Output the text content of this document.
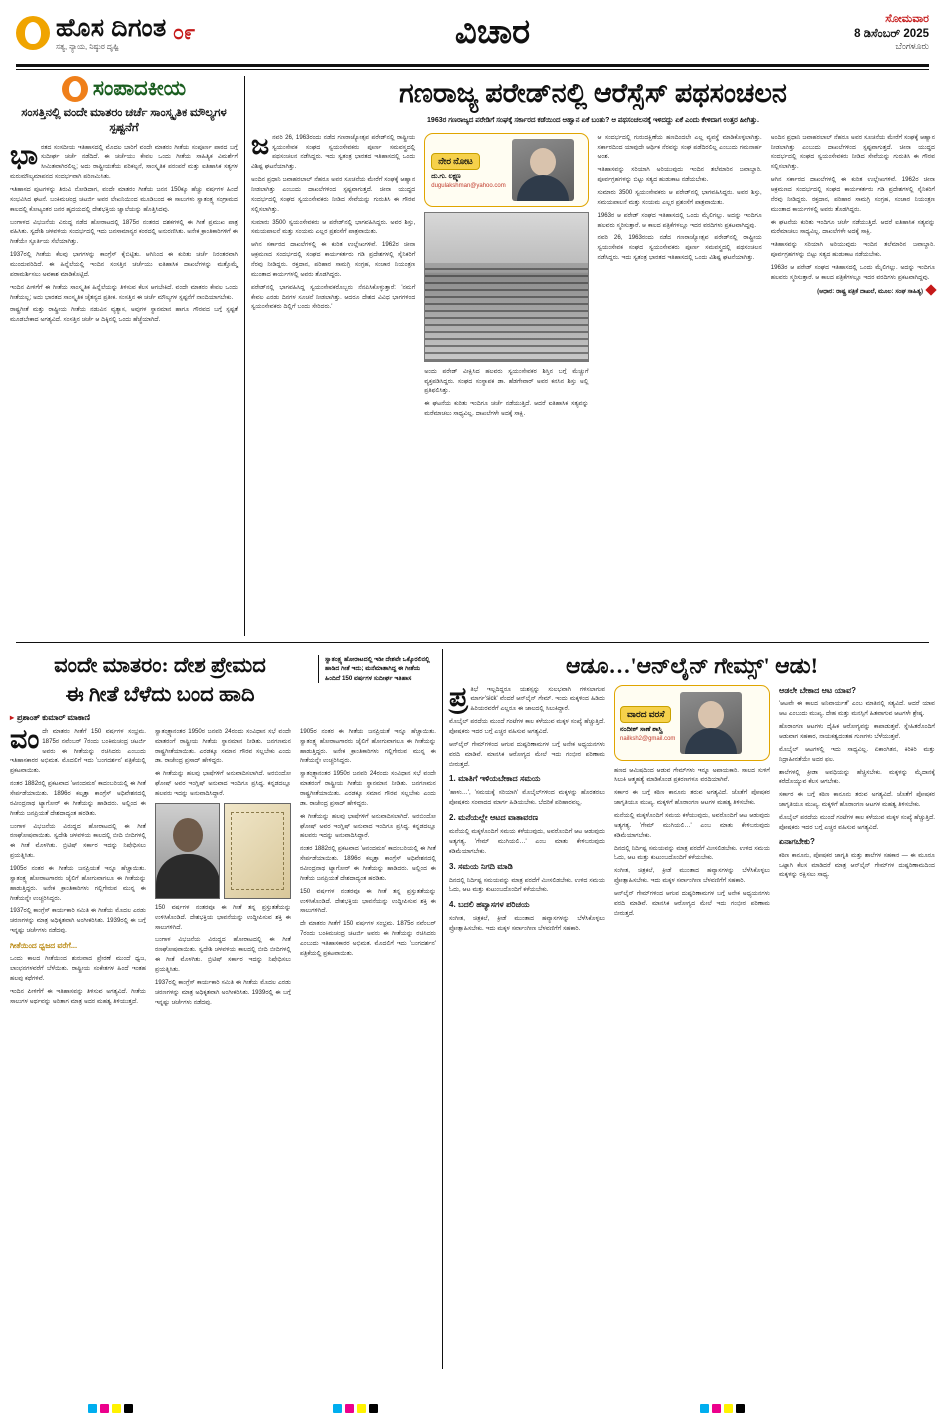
ಹೊಸ ದಿಗಂತ
ಸತ್ಯ, ನ್ಯಾಯ, ನಿಷ್ಠುರ ದೃಷ್ಟಿ
೦೯	ವಿಚಾರ	ಸೋಮವಾರ
8 ಡಿಸೆಂಬರ್ 2025
ಬೆಂಗಳೂರು
ಸಂಪಾದಕೀಯ
ಸಂಸತ್ತಿನಲ್ಲಿ ವಂದೇ ಮಾತರಂ ಚರ್ಚೆ ಸಾಂಸ್ಕೃತಿಕ ಮೌಲ್ಯಗಳ ಸ್ಪಷ್ಟನೆಗೆ

ಭಾರತದ ಸಂಸದೀಯ ಇತಿಹಾಸದಲ್ಲಿ ಮೊದಲ ಬಾರಿಗೆ ವಂದೇ ಮಾತರಂ ಗೀತೆಯ ಸಂಪೂರ್ಣ ಪಾಠದ ಬಗ್ಗೆ ಸುದೀರ್ಘ ಚರ್ಚೆ ನಡೆದಿದೆ. ಈ ಚರ್ಚೆಯು ಕೇವಲ ಒಂದು ಗೀತೆಯ ಸಾಹಿತ್ಯಿಕ ವಿಮರ್ಶೆಗೆ ಸೀಮಿತವಾಗಿರಲಿಲ್ಲ; ಅದು ರಾಷ್ಟ್ರೀಯತೆಯ ಪರಿಕಲ್ಪನೆ, ಸಾಂಸ್ಕೃತಿಕ ಪರಂಪರೆ ಮತ್ತು ಐತಿಹಾಸಿಕ ಸತ್ಯಗಳ ಮರುಮೌಲ್ಯಮಾಪನದ ಸಂದರ್ಭವಾಗಿ ಪರಿಣಮಿಸಿತು.

ಇತಿಹಾಸದ ಪುಟಗಳನ್ನು ತಿರುವಿ ನೋಡಿದಾಗ, ವಂದೇ ಮಾತರಂ ಗೀತೆಯ ಜನನ 150ಕ್ಕೂ ಹೆಚ್ಚು ವರ್ಷಗಳ ಹಿಂದೆ ಸಂಭವಿಸಿದ ಘಟನೆ. ಬಂಕಿಮಚಂದ್ರ ಚಟರ್ಜಿ ಅವರ ಲೇಖನಿಯಿಂದ ಮೂಡಿಬಂದ ಈ ಸಾಲುಗಳು ಸ್ವಾತಂತ್ರ್ಯ ಸಂಗ್ರಾಮದ ಕಾಲದಲ್ಲಿ ಕೋಟ್ಯಂತರ ಜನರ ಹೃದಯದಲ್ಲಿ ದೇಶಭಕ್ತಿಯ ಜ್ವಾಲೆಯನ್ನು ಹೊತ್ತಿಸಿದವು.

ಬಂಗಾಳದ ವಿಭಜನೆಯ ವಿರುದ್ಧ ನಡೆದ ಹೋರಾಟದಲ್ಲಿ 1875ರ ನಂತರದ ದಶಕಗಳಲ್ಲಿ ಈ ಗೀತೆ ಪ್ರಮುಖ ಪಾತ್ರ ವಹಿಸಿತು. ಸ್ವದೇಶಿ ಚಳವಳಿಯ ಸಂದರ್ಭದಲ್ಲಿ ಇದು ಜನಸಾಮಾನ್ಯರ ಕಂಠದಲ್ಲಿ ಅನುರಣಿಸಿತು. ಅನೇಕ ಕ್ರಾಂತಿಕಾರಿಗಳಿಗೆ ಈ ಗೀತೆಯೇ ಸ್ಫೂರ್ತಿಯ ಸೆಲೆಯಾಗಿತ್ತು.

1937ರಲ್ಲಿ ಗೀತೆಯ ಕೆಲವು ಭಾಗಗಳನ್ನು ಕಾಂಗ್ರೆಸ್ ಕೈಬಿಟ್ಟಿತು. ಆಗಿನಿಂದ ಈ ಕುರಿತು ಚರ್ಚೆ ನಿರಂತರವಾಗಿ ಮುಂದುವರಿದಿದೆ. ಈ ಹಿನ್ನೆಲೆಯಲ್ಲಿ ಇಂದಿನ ಸಂಸತ್ತಿನ ಚರ್ಚೆಯು ಐತಿಹಾಸಿಕ ದಾಖಲೆಗಳನ್ನು ಮತ್ತೊಮ್ಮೆ ಪರಾಮರ್ಶಿಸಲು ಅವಕಾಶ ಮಾಡಿಕೊಟ್ಟಿದೆ.

ಇಂದಿನ ಪೀಳಿಗೆಗೆ ಈ ಗೀತೆಯ ಸಾಂಸ್ಕೃತಿಕ ಹಿನ್ನೆಲೆಯನ್ನು ತಿಳಿಸುವ ಕೆಲಸ ಆಗಬೇಕಿದೆ. ವಂದೇ ಮಾತರಂ ಕೇವಲ ಒಂದು ಗೀತೆಯಲ್ಲ; ಅದು ಭಾರತದ ಸಾಂಸ್ಕೃತಿಕ ಚೈತನ್ಯದ ಪ್ರತೀಕ. ಸಂಸತ್ತಿನ ಈ ಚರ್ಚೆ ಮೌಲ್ಯಗಳ ಸ್ಪಷ್ಟನೆಗೆ ನಾಂದಿಯಾಗಬೇಕು.

ರಾಷ್ಟ್ರಗೀತೆ ಮತ್ತು ರಾಷ್ಟ್ರೀಯ ಗೀತೆಯ ನಡುವಿನ ವ್ಯತ್ಯಾಸ, ಅವುಗಳ ಸ್ಥಾನಮಾನ ಹಾಗೂ ಗೌರವದ ಬಗ್ಗೆ ಸ್ಪಷ್ಟತೆ ಮೂಡಬೇಕಾದ ಅಗತ್ಯವಿದೆ. ಸಂಸತ್ತಿನ ಚರ್ಚೆ ಆ ದಿಕ್ಕಿನಲ್ಲಿ ಒಂದು ಹೆಜ್ಜೆಯಾಗಿದೆ.

ಗಣರಾಜ್ಯ ಪರೇಡ್‌ನಲ್ಲಿ ಆರೆಸ್ಸೆಸ್ ಪಥಸಂಚಲನ
1963ರ ಗಣರಾಜ್ಯದ ಪರೇಡಿಗೆ ಸಂಘಕ್ಕೆ ಸರ್ಕಾರದ ಕಡೆಯಿಂದ ಆಹ್ವಾನ ಏಕೆ ಬಂತು? ಆ ಪಥಸಂಚಲನಕ್ಕೆ ಇಳಿದದ್ದು ಏಕೆ ಎಂದು ಕೇಳಿದಾಗ ಉತ್ತರ ಹೀಗಿತ್ತು.

ಜನವರಿ 26, 1963ರಂದು ನಡೆದ ಗಣರಾಜ್ಯೋತ್ಸವ ಪರೇಡ್‌ನಲ್ಲಿ ರಾಷ್ಟ್ರೀಯ ಸ್ವಯಂಸೇವಕ ಸಂಘದ ಸ್ವಯಂಸೇವಕರು ಪೂರ್ಣ ಸಮವಸ್ತ್ರದಲ್ಲಿ ಪಥಸಂಚಲನ ನಡೆಸಿದ್ದರು. ಇದು ಸ್ವತಂತ್ರ ಭಾರತದ ಇತಿಹಾಸದಲ್ಲಿ ಒಂದು ವಿಶಿಷ್ಟ ಘಟನೆಯಾಗಿತ್ತು.

ಅಂದಿನ ಪ್ರಧಾನಿ ಜವಾಹರಲಾಲ್ ನೆಹರೂ ಅವರ ಸೂಚನೆಯ ಮೇರೆಗೆ ಸಂಘಕ್ಕೆ ಆಹ್ವಾನ ನೀಡಲಾಗಿತ್ತು ಎಂಬುದು ದಾಖಲೆಗಳಿಂದ ಸ್ಪಷ್ಟವಾಗುತ್ತದೆ. ಚೀನಾ ಯುದ್ಧದ ಸಂದರ್ಭದಲ್ಲಿ ಸಂಘದ ಸ್ವಯಂಸೇವಕರು ನೀಡಿದ ಸೇವೆಯನ್ನು ಗುರುತಿಸಿ ಈ ಗೌರವ ಸಲ್ಲಿಸಲಾಗಿತ್ತು.

ಸುಮಾರು 3500 ಸ್ವಯಂಸೇವಕರು ಆ ಪರೇಡ್‌ನಲ್ಲಿ ಭಾಗವಹಿಸಿದ್ದರು. ಅವರ ಶಿಸ್ತು, ಸಮಯಪಾಲನೆ ಮತ್ತು ಸಂಯಮ ಎಲ್ಲರ ಪ್ರಶಂಸೆಗೆ ಪಾತ್ರವಾಯಿತು.

ಆಗಿನ ಸರ್ಕಾರದ ದಾಖಲೆಗಳಲ್ಲಿ ಈ ಕುರಿತ ಉಲ್ಲೇಖಗಳಿವೆ. 1962ರ ಚೀನಾ ಆಕ್ರಮಣದ ಸಂದರ್ಭದಲ್ಲಿ ಸಂಘದ ಕಾರ್ಯಕರ್ತರು ಗಡಿ ಪ್ರದೇಶಗಳಲ್ಲಿ ಸೈನಿಕರಿಗೆ ನೆರವು ನೀಡಿದ್ದರು. ರಕ್ತದಾನ, ಪರಿಹಾರ ಸಾಮಗ್ರಿ ಸಂಗ್ರಹ, ಸಂಚಾರ ನಿಯಂತ್ರಣ ಮುಂತಾದ ಕಾರ್ಯಗಳಲ್ಲಿ ಅವರು ತೊಡಗಿದ್ದರು.

ಪರೇಡ್‌ನಲ್ಲಿ ಭಾಗವಹಿಸಿದ್ದ ಸ್ವಯಂಸೇವಕರೊಬ್ಬರು ನೆನಪಿಸಿಕೊಳ್ಳುತ್ತಾರೆ: 'ನಮಗೆ ಕೇವಲ ಎರಡು ದಿನಗಳ ಸೂಚನೆ ನೀಡಲಾಗಿತ್ತು. ಆದರೂ ದೇಶದ ವಿವಿಧ ಭಾಗಗಳಿಂದ ಸ್ವಯಂಸೇವಕರು ದಿಲ್ಲಿಗೆ ಬಂದು ಸೇರಿದರು.'

ನೇರ ನೋಟ
ದು.ಗು. ಲಕ್ಷ್ಮಣ
dugulakshman@yahoo.com

ಅಂದು ಪರೇಡ್ ವೀಕ್ಷಿಸಿದ ಹಲವರು ಸ್ವಯಂಸೇವಕರ ಶಿಸ್ತಿನ ಬಗ್ಗೆ ಮೆಚ್ಚುಗೆ ವ್ಯಕ್ತಪಡಿಸಿದ್ದರು. ಸಂಘದ ಸಂಸ್ಥಾಪಕ ಡಾ. ಹೆಡಗೇವಾರ್ ಅವರ ಕನಸಿನ ಶಿಸ್ತು ಅಲ್ಲಿ ಪ್ರತಿಫಲಿಸಿತ್ತು.

ಈ ಘಟನೆಯ ಕುರಿತು ಇಂದಿಗೂ ಚರ್ಚೆ ನಡೆಯುತ್ತಿದೆ. ಆದರೆ ಐತಿಹಾಸಿಕ ಸತ್ಯವನ್ನು ಮರೆಮಾಚಲು ಸಾಧ್ಯವಿಲ್ಲ. ದಾಖಲೆಗಳೇ ಅದಕ್ಕೆ ಸಾಕ್ಷಿ.

ಆ ಸಂದರ್ಭದಲ್ಲಿ ಗುರುದಕ್ಷಿಣೆಯ ಹಣದಿಂದಲೇ ಎಲ್ಲ ವ್ಯವಸ್ಥೆ ಮಾಡಿಕೊಳ್ಳಲಾಗಿತ್ತು. ಸರ್ಕಾರದಿಂದ ಯಾವುದೇ ಆರ್ಥಿಕ ನೆರವನ್ನು ಸಂಘ ಪಡೆದಿರಲಿಲ್ಲ ಎಂಬುದು ಗಮನಾರ್ಹ ಅಂಶ.

ಇತಿಹಾಸವನ್ನು ಸರಿಯಾಗಿ ಅರಿಯುವುದು ಇಂದಿನ ತಲೆಮಾರಿನ ಜವಾಬ್ದಾರಿ. ಪೂರ್ವಗ್ರಹಗಳನ್ನು ಬಿಟ್ಟು ಸತ್ಯದ ಹುಡುಕಾಟ ನಡೆಯಬೇಕು.

ಸುಮಾರು 3500 ಸ್ವಯಂಸೇವಕರು ಆ ಪರೇಡ್‌ನಲ್ಲಿ ಭಾಗವಹಿಸಿದ್ದರು. ಅವರ ಶಿಸ್ತು, ಸಮಯಪಾಲನೆ ಮತ್ತು ಸಂಯಮ ಎಲ್ಲರ ಪ್ರಶಂಸೆಗೆ ಪಾತ್ರವಾಯಿತು.

1963ರ ಆ ಪರೇಡ್ ಸಂಘದ ಇತಿಹಾಸದಲ್ಲಿ ಒಂದು ಮೈಲಿಗಲ್ಲು. ಅದನ್ನು ಇಂದಿಗೂ ಹಲವರು ಸ್ಮರಿಸುತ್ತಾರೆ. ಆ ಕಾಲದ ಪತ್ರಿಕೆಗಳಲ್ಲೂ ಇದರ ವರದಿಗಳು ಪ್ರಕಟವಾಗಿದ್ದವು.

ನವರಿ 26, 1963ರಂದು ನಡೆದ ಗಣರಾಜ್ಯೋತ್ಸವ ಪರೇಡ್‌ನಲ್ಲಿ ರಾಷ್ಟ್ರೀಯ ಸ್ವಯಂಸೇವಕ ಸಂಘದ ಸ್ವಯಂಸೇವಕರು ಪೂರ್ಣ ಸಮವಸ್ತ್ರದಲ್ಲಿ ಪಥಸಂಚಲನ ನಡೆಸಿದ್ದರು. ಇದು ಸ್ವತಂತ್ರ ಭಾರತದ ಇತಿಹಾಸದಲ್ಲಿ ಒಂದು ವಿಶಿಷ್ಟ ಘಟನೆಯಾಗಿತ್ತು.

ಅಂದಿನ ಪ್ರಧಾನಿ ಜವಾಹರಲಾಲ್ ನೆಹರೂ ಅವರ ಸೂಚನೆಯ ಮೇರೆಗೆ ಸಂಘಕ್ಕೆ ಆಹ್ವಾನ ನೀಡಲಾಗಿತ್ತು ಎಂಬುದು ದಾಖಲೆಗಳಿಂದ ಸ್ಪಷ್ಟವಾಗುತ್ತದೆ. ಚೀನಾ ಯುದ್ಧದ ಸಂದರ್ಭದಲ್ಲಿ ಸಂಘದ ಸ್ವಯಂಸೇವಕರು ನೀಡಿದ ಸೇವೆಯನ್ನು ಗುರುತಿಸಿ ಈ ಗೌರವ ಸಲ್ಲಿಸಲಾಗಿತ್ತು.

ಆಗಿನ ಸರ್ಕಾರದ ದಾಖಲೆಗಳಲ್ಲಿ ಈ ಕುರಿತ ಉಲ್ಲೇಖಗಳಿವೆ. 1962ರ ಚೀನಾ ಆಕ್ರಮಣದ ಸಂದರ್ಭದಲ್ಲಿ ಸಂಘದ ಕಾರ್ಯಕರ್ತರು ಗಡಿ ಪ್ರದೇಶಗಳಲ್ಲಿ ಸೈನಿಕರಿಗೆ ನೆರವು ನೀಡಿದ್ದರು. ರಕ್ತದಾನ, ಪರಿಹಾರ ಸಾಮಗ್ರಿ ಸಂಗ್ರಹ, ಸಂಚಾರ ನಿಯಂತ್ರಣ ಮುಂತಾದ ಕಾರ್ಯಗಳಲ್ಲಿ ಅವರು ತೊಡಗಿದ್ದರು.

ಈ ಘಟನೆಯ ಕುರಿತು ಇಂದಿಗೂ ಚರ್ಚೆ ನಡೆಯುತ್ತಿದೆ. ಆದರೆ ಐತಿಹಾಸಿಕ ಸತ್ಯವನ್ನು ಮರೆಮಾಚಲು ಸಾಧ್ಯವಿಲ್ಲ. ದಾಖಲೆಗಳೇ ಅದಕ್ಕೆ ಸಾಕ್ಷಿ.

ಇತಿಹಾಸವನ್ನು ಸರಿಯಾಗಿ ಅರಿಯುವುದು ಇಂದಿನ ತಲೆಮಾರಿನ ಜವಾಬ್ದಾರಿ. ಪೂರ್ವಗ್ರಹಗಳನ್ನು ಬಿಟ್ಟು ಸತ್ಯದ ಹುಡುಕಾಟ ನಡೆಯಬೇಕು.

1963ರ ಆ ಪರೇಡ್ ಸಂಘದ ಇತಿಹಾಸದಲ್ಲಿ ಒಂದು ಮೈಲಿಗಲ್ಲು. ಅದನ್ನು ಇಂದಿಗೂ ಹಲವರು ಸ್ಮರಿಸುತ್ತಾರೆ. ಆ ಕಾಲದ ಪತ್ರಿಕೆಗಳಲ್ಲೂ ಇದರ ವರದಿಗಳು ಪ್ರಕಟವಾಗಿದ್ದವು.

(ಆಧಾರ: ರಾಷ್ಟ್ರ ಪತ್ರಿಕೆ ದಾಖಲೆ, ಮೂಲ: ಸಂಘ ಸಾಹಿತ್ಯ)
ವಂದೇ ಮಾತರಂ: ದೇಶ ಪ್ರೇಮದ
ಈ ಗೀತೆ ಬೆಳೆದು ಬಂದ ಹಾದಿ
ಸ್ವಾತಂತ್ರ್ಯ ಹೋರಾಟದಲ್ಲಿ ಇಡೀ ದೇಶವೇ ಒಕ್ಕೊರಲಿನಲ್ಲಿ ಹಾಡಿದ ಗೀತೆ ಇದು; ಮನೆಮಾತಾಗಿದ್ದ ಈ ಗೀತೆಯ ಹಿಂದಿದೆ 150 ವರ್ಷಗಳ ಸುದೀರ್ಘ ಇತಿಹಾಸ
▸ ಪ್ರಶಾಂತ್ ಕುಮಾರ್ ಮಾಕಾಣಿ

ವಂದೇ ಮಾತರಂ ಗೀತೆಗೆ 150 ವರ್ಷಗಳ ಸಂಭ್ರಮ. 1875ರ ನವೆಂಬರ್ 7ರಂದು ಬಂಕಿಮಚಂದ್ರ ಚಟರ್ಜಿ ಅವರು ಈ ಗೀತೆಯನ್ನು ರಚಿಸಿದರು ಎಂಬುದು ಇತಿಹಾಸಕಾರರ ಅಭಿಮತ. ಮೊದಲಿಗೆ ಇದು 'ಬಂಗದರ್ಶನ' ಪತ್ರಿಕೆಯಲ್ಲಿ ಪ್ರಕಟವಾಯಿತು.

ನಂತರ 1882ರಲ್ಲಿ ಪ್ರಕಟವಾದ 'ಆನಂದಮಠ' ಕಾದಂಬರಿಯಲ್ಲಿ ಈ ಗೀತೆ ಸೇರ್ಪಡೆಯಾಯಿತು. 1896ರ ಕಲ್ಕತ್ತಾ ಕಾಂಗ್ರೆಸ್ ಅಧಿವೇಶನದಲ್ಲಿ ರವೀಂದ್ರನಾಥ ಟ್ಯಾಗೋರ್ ಈ ಗೀತೆಯನ್ನು ಹಾಡಿದರು. ಅಲ್ಲಿಂದ ಈ ಗೀತೆಯ ಜನಪ್ರಿಯತೆ ದೇಶದಾದ್ಯಂತ ಹರಡಿತು.

ಬಂಗಾಳ ವಿಭಜನೆಯ ವಿರುದ್ಧದ ಹೋರಾಟದಲ್ಲಿ ಈ ಗೀತೆ ರಣಘೋಷವಾಯಿತು. ಸ್ವದೇಶಿ ಚಳವಳಿಯ ಕಾಲದಲ್ಲಿ ಬೀದಿ ಬೀದಿಗಳಲ್ಲಿ ಈ ಗೀತೆ ಮೊಳಗಿತು. ಬ್ರಿಟಿಷ್ ಸರ್ಕಾರ ಇದನ್ನು ನಿಷೇಧಿಸಲು ಪ್ರಯತ್ನಿಸಿತು.

1905ರ ನಂತರ ಈ ಗೀತೆಯ ಜನಪ್ರಿಯತೆ ಇನ್ನೂ ಹೆಚ್ಚಾಯಿತು. ಸ್ವಾತಂತ್ರ್ಯ ಹೋರಾಟಗಾರರು ಜೈಲಿಗೆ ಹೋಗುವಾಗಲೂ ಈ ಗೀತೆಯನ್ನು ಹಾಡುತ್ತಿದ್ದರು. ಅನೇಕ ಕ್ರಾಂತಿಕಾರಿಗಳು ಗಲ್ಲಿಗೇರುವ ಮುನ್ನ ಈ ಗೀತೆಯನ್ನೇ ಉಚ್ಚರಿಸಿದ್ದರು.

1937ರಲ್ಲಿ ಕಾಂಗ್ರೆಸ್ ಕಾರ್ಯಕಾರಿ ಸಮಿತಿ ಈ ಗೀತೆಯ ಮೊದಲ ಎರಡು ಚರಣಗಳನ್ನು ಮಾತ್ರ ಅಧಿಕೃತವಾಗಿ ಅಂಗೀಕರಿಸಿತು. 1939ರಲ್ಲಿ ಈ ಬಗ್ಗೆ ಇನ್ನಷ್ಟು ಚರ್ಚೆಗಳು ನಡೆದವು.

ಗೀತೆಯಿಂದ ಧ್ವಜದ ವರೆಗೆ...

ಒಂದು ಕಾಲದ ಗೀತೆಯಿಂದ ಶುರುವಾದ ಪ್ರೇರಣೆ ಮುಂದೆ ಧ್ವಜ, ಲಾಂಛನಗಳವರೆಗೆ ಬೆಳೆಯಿತು. ರಾಷ್ಟ್ರೀಯ ಸಂಕೇತಗಳ ಹಿಂದೆ ಇಂತಹ ಹಲವು ಕಥೆಗಳಿವೆ.

ಇಂದಿನ ಪೀಳಿಗೆಗೆ ಈ ಇತಿಹಾಸವನ್ನು ತಿಳಿಸುವ ಅಗತ್ಯವಿದೆ. ಗೀತೆಯ ಸಾಲುಗಳ ಅರ್ಥವನ್ನು ಅರಿತಾಗ ಮಾತ್ರ ಅದರ ಮಹತ್ವ ತಿಳಿಯುತ್ತದೆ.

ಸ್ವಾತಂತ್ರ್ಯಾನಂತರ 1950ರ ಜನವರಿ 24ರಂದು ಸಂವಿಧಾನ ಸಭೆ ವಂದೇ ಮಾತರಂಗೆ ರಾಷ್ಟ್ರೀಯ ಗೀತೆಯ ಸ್ಥಾನಮಾನ ನೀಡಿತು. ಜನಗಣಮನ ರಾಷ್ಟ್ರಗೀತೆಯಾಯಿತು. ಎರಡಕ್ಕೂ ಸಮಾನ ಗೌರವ ಸಲ್ಲಬೇಕು ಎಂದು ಡಾ. ರಾಜೇಂದ್ರ ಪ್ರಸಾದ್ ಹೇಳಿದ್ದರು.

ಈ ಗೀತೆಯನ್ನು ಹಲವು ಭಾಷೆಗಳಿಗೆ ಅನುವಾದಿಸಲಾಗಿದೆ. ಅರಬಿಂದೋ ಘೋಷ್ ಅವರ ಇಂಗ್ಲಿಷ್ ಅನುವಾದ ಇಂದಿಗೂ ಪ್ರಸಿದ್ಧ. ಕನ್ನಡದಲ್ಲೂ ಹಲವರು ಇದನ್ನು ಅನುವಾದಿಸಿದ್ದಾರೆ.

150 ವರ್ಷಗಳ ನಂತರವೂ ಈ ಗೀತೆ ತನ್ನ ಪ್ರಸ್ತುತತೆಯನ್ನು ಉಳಿಸಿಕೊಂಡಿದೆ. ದೇಶಭಕ್ತಿಯ ಭಾವನೆಯನ್ನು ಉದ್ದೀಪಿಸುವ ಶಕ್ತಿ ಈ ಸಾಲುಗಳಿಗಿದೆ.

ಬಂಗಾಳ ವಿಭಜನೆಯ ವಿರುದ್ಧದ ಹೋರಾಟದಲ್ಲಿ ಈ ಗೀತೆ ರಣಘೋಷವಾಯಿತು. ಸ್ವದೇಶಿ ಚಳವಳಿಯ ಕಾಲದಲ್ಲಿ ಬೀದಿ ಬೀದಿಗಳಲ್ಲಿ ಈ ಗೀತೆ ಮೊಳಗಿತು. ಬ್ರಿಟಿಷ್ ಸರ್ಕಾರ ಇದನ್ನು ನಿಷೇಧಿಸಲು ಪ್ರಯತ್ನಿಸಿತು.

1937ರಲ್ಲಿ ಕಾಂಗ್ರೆಸ್ ಕಾರ್ಯಕಾರಿ ಸಮಿತಿ ಈ ಗೀತೆಯ ಮೊದಲ ಎರಡು ಚರಣಗಳನ್ನು ಮಾತ್ರ ಅಧಿಕೃತವಾಗಿ ಅಂಗೀಕರಿಸಿತು. 1939ರಲ್ಲಿ ಈ ಬಗ್ಗೆ ಇನ್ನಷ್ಟು ಚರ್ಚೆಗಳು ನಡೆದವು.

1905ರ ನಂತರ ಈ ಗೀತೆಯ ಜನಪ್ರಿಯತೆ ಇನ್ನೂ ಹೆಚ್ಚಾಯಿತು. ಸ್ವಾತಂತ್ರ್ಯ ಹೋರಾಟಗಾರರು ಜೈಲಿಗೆ ಹೋಗುವಾಗಲೂ ಈ ಗೀತೆಯನ್ನು ಹಾಡುತ್ತಿದ್ದರು. ಅನೇಕ ಕ್ರಾಂತಿಕಾರಿಗಳು ಗಲ್ಲಿಗೇರುವ ಮುನ್ನ ಈ ಗೀತೆಯನ್ನೇ ಉಚ್ಚರಿಸಿದ್ದರು.

ಸ್ವಾತಂತ್ರ್ಯಾನಂತರ 1950ರ ಜನವರಿ 24ರಂದು ಸಂವಿಧಾನ ಸಭೆ ವಂದೇ ಮಾತರಂಗೆ ರಾಷ್ಟ್ರೀಯ ಗೀತೆಯ ಸ್ಥಾನಮಾನ ನೀಡಿತು. ಜನಗಣಮನ ರಾಷ್ಟ್ರಗೀತೆಯಾಯಿತು. ಎರಡಕ್ಕೂ ಸಮಾನ ಗೌರವ ಸಲ್ಲಬೇಕು ಎಂದು ಡಾ. ರಾಜೇಂದ್ರ ಪ್ರಸಾದ್ ಹೇಳಿದ್ದರು.

ಈ ಗೀತೆಯನ್ನು ಹಲವು ಭಾಷೆಗಳಿಗೆ ಅನುವಾದಿಸಲಾಗಿದೆ. ಅರಬಿಂದೋ ಘೋಷ್ ಅವರ ಇಂಗ್ಲಿಷ್ ಅನುವಾದ ಇಂದಿಗೂ ಪ್ರಸಿದ್ಧ. ಕನ್ನಡದಲ್ಲೂ ಹಲವರು ಇದನ್ನು ಅನುವಾದಿಸಿದ್ದಾರೆ.

ನಂತರ 1882ರಲ್ಲಿ ಪ್ರಕಟವಾದ 'ಆನಂದಮಠ' ಕಾದಂಬರಿಯಲ್ಲಿ ಈ ಗೀತೆ ಸೇರ್ಪಡೆಯಾಯಿತು. 1896ರ ಕಲ್ಕತ್ತಾ ಕಾಂಗ್ರೆಸ್ ಅಧಿವೇಶನದಲ್ಲಿ ರವೀಂದ್ರನಾಥ ಟ್ಯಾಗೋರ್ ಈ ಗೀತೆಯನ್ನು ಹಾಡಿದರು. ಅಲ್ಲಿಂದ ಈ ಗೀತೆಯ ಜನಪ್ರಿಯತೆ ದೇಶದಾದ್ಯಂತ ಹರಡಿತು.

150 ವರ್ಷಗಳ ನಂತರವೂ ಈ ಗೀತೆ ತನ್ನ ಪ್ರಸ್ತುತತೆಯನ್ನು ಉಳಿಸಿಕೊಂಡಿದೆ. ದೇಶಭಕ್ತಿಯ ಭಾವನೆಯನ್ನು ಉದ್ದೀಪಿಸುವ ಶಕ್ತಿ ಈ ಸಾಲುಗಳಿಗಿದೆ.

ದೇ ಮಾತರಂ ಗೀತೆಗೆ 150 ವರ್ಷಗಳ ಸಂಭ್ರಮ. 1875ರ ನವೆಂಬರ್ 7ರಂದು ಬಂಕಿಮಚಂದ್ರ ಚಟರ್ಜಿ ಅವರು ಈ ಗೀತೆಯನ್ನು ರಚಿಸಿದರು ಎಂಬುದು ಇತಿಹಾಸಕಾರರ ಅಭಿಮತ. ಮೊದಲಿಗೆ ಇದು 'ಬಂಗದರ್ಶನ' ಪತ್ರಿಕೆಯಲ್ಲಿ ಪ್ರಕಟವಾಯಿತು.

ಆಡೂ…'ಆನ್‌ಲೈನ್ ಗೇಮ್ಸ್' ಆಡು!

ಪ್ರ ತಿಭೆ ಇಲ್ಲದಿದ್ದರೂ ಯಶಸ್ಸನ್ನು ಸುಲಭವಾಗಿ ಗಳಿಸಲಾಗುವ ಮಾರ್ಗ'sick' ವೆಂದರೆ ಆನ್‌ಲೈನ್ ಗೇಮ್. ಇಂದು ಮಕ್ಕಳಿಂದ ಹಿಡಿದು ಹಿರಿಯರವರೆಗೆ ಎಲ್ಲರೂ ಈ ಜಾಲದಲ್ಲಿ ಸಿಲುಕಿದ್ದಾರೆ.

ಮೊಬೈಲ್ ಪರದೆಯ ಮುಂದೆ ಗಂಟೆಗಳ ಕಾಲ ಕಳೆಯುವ ಮಕ್ಕಳ ಸಂಖ್ಯೆ ಹೆಚ್ಚುತ್ತಿದೆ. ಪೋಷಕರು ಇದರ ಬಗ್ಗೆ ಎಚ್ಚರ ವಹಿಸುವ ಅಗತ್ಯವಿದೆ.

ಆನ್‌ಲೈನ್ ಗೇಮ್‌ಗಳಿಂದ ಆಗುವ ದುಷ್ಪರಿಣಾಮಗಳ ಬಗ್ಗೆ ಅನೇಕ ಅಧ್ಯಯನಗಳು ವರದಿ ಮಾಡಿವೆ. ಮಾನಸಿಕ ಆರೋಗ್ಯದ ಮೇಲೆ ಇದು ಗಂಭೀರ ಪರಿಣಾಮ ಬೀರುತ್ತದೆ.

1. ಮಾತಿಗೆ ಇಳಿಯಬೇಕಾದ ಸಮಯ

'ಹಾಳು…', 'ಸಮಯಕ್ಕೆ ಸರಿಯಾಗಿ' ಮೊಬೈಲ್‌ಗಳಿಂದ ಮಕ್ಕಳನ್ನು ಹೊರತರಲು ಪೋಷಕರು ಸಂವಾದದ ಮಾರ್ಗ ಹಿಡಿಯಬೇಕು. ಬೆದರಿಕೆ ಪರಿಹಾರವಲ್ಲ.

2. ಮನೆಯಲ್ಲೇ ಆಟದ ವಾತಾವರಣ

ಮನೆಯಲ್ಲಿ ಮಕ್ಕಳೊಂದಿಗೆ ಸಮಯ ಕಳೆಯುವುದು, ಅವರೊಂದಿಗೆ ಆಟ ಆಡುವುದು ಅತ್ಯಗತ್ಯ. 'ಗೇಮ್ ಮುಗಿಯಲಿ…' ಎಂಬ ಮಾತು ಕೇಳಿಬರುವುದು ಕಡಿಮೆಯಾಗಬೇಕು.

3. ಸಮಯ ನಿಗದಿ ಮಾಡಿ

ದಿನದಲ್ಲಿ ನಿರ್ದಿಷ್ಟ ಸಮಯವನ್ನು ಮಾತ್ರ ಪರದೆಗೆ ಮೀಸಲಿಡಬೇಕು. ಉಳಿದ ಸಮಯ ಓದು, ಆಟ ಮತ್ತು ಕುಟುಂಬದೊಂದಿಗೆ ಕಳೆಯಬೇಕು.

4. ಬದಲಿ ಹವ್ಯಾಸಗಳ ಪರಿಚಯ

ಸಂಗೀತ, ಚಿತ್ರಕಲೆ, ಕ್ರೀಡೆ ಮುಂತಾದ ಹವ್ಯಾಸಗಳನ್ನು ಬೆಳೆಸಿಕೊಳ್ಳಲು ಪ್ರೋತ್ಸಾಹಿಸಬೇಕು. ಇದು ಮಕ್ಕಳ ಸರ್ವಾಂಗೀಣ ಬೆಳವಣಿಗೆಗೆ ಸಹಕಾರಿ.

ವಾರದ ವರಸೆ
ನಂದೀಶ್ ಸಾಣೆ ಶಾಸ್ತ್ರಿ
nailksh2@gmail.com

ಹಣದ ಆಮಿಷದಿಂದ ಆಡುವ ಗೇಮ್‌ಗಳು ಇನ್ನೂ ಅಪಾಯಕಾರಿ. ಸಾಲದ ಸುಳಿಗೆ ಸಿಲುಕಿ ಆತ್ಮಹತ್ಯೆ ಮಾಡಿಕೊಂಡ ಪ್ರಕರಣಗಳೂ ವರದಿಯಾಗಿವೆ.

ಸರ್ಕಾರ ಈ ಬಗ್ಗೆ ಕಠಿಣ ಕಾನೂನು ತರುವ ಅಗತ್ಯವಿದೆ. ಜೊತೆಗೆ ಪೋಷಕರ ಜಾಗೃತಿಯೂ ಮುಖ್ಯ. ಮಕ್ಕಳಿಗೆ ಹೊರಾಂಗಣ ಆಟಗಳ ಮಹತ್ವ ತಿಳಿಸಬೇಕು.

ಮನೆಯಲ್ಲಿ ಮಕ್ಕಳೊಂದಿಗೆ ಸಮಯ ಕಳೆಯುವುದು, ಅವರೊಂದಿಗೆ ಆಟ ಆಡುವುದು ಅತ್ಯಗತ್ಯ. 'ಗೇಮ್ ಮುಗಿಯಲಿ…' ಎಂಬ ಮಾತು ಕೇಳಿಬರುವುದು ಕಡಿಮೆಯಾಗಬೇಕು.

ದಿನದಲ್ಲಿ ನಿರ್ದಿಷ್ಟ ಸಮಯವನ್ನು ಮಾತ್ರ ಪರದೆಗೆ ಮೀಸಲಿಡಬೇಕು. ಉಳಿದ ಸಮಯ ಓದು, ಆಟ ಮತ್ತು ಕುಟುಂಬದೊಂದಿಗೆ ಕಳೆಯಬೇಕು.

ಸಂಗೀತ, ಚಿತ್ರಕಲೆ, ಕ್ರೀಡೆ ಮುಂತಾದ ಹವ್ಯಾಸಗಳನ್ನು ಬೆಳೆಸಿಕೊಳ್ಳಲು ಪ್ರೋತ್ಸಾಹಿಸಬೇಕು. ಇದು ಮಕ್ಕಳ ಸರ್ವಾಂಗೀಣ ಬೆಳವಣಿಗೆಗೆ ಸಹಕಾರಿ.

ಆನ್‌ಲೈನ್ ಗೇಮ್‌ಗಳಿಂದ ಆಗುವ ದುಷ್ಪರಿಣಾಮಗಳ ಬಗ್ಗೆ ಅನೇಕ ಅಧ್ಯಯನಗಳು ವರದಿ ಮಾಡಿವೆ. ಮಾನಸಿಕ ಆರೋಗ್ಯದ ಮೇಲೆ ಇದು ಗಂಭೀರ ಪರಿಣಾಮ ಬೀರುತ್ತದೆ.

ಆಡಲೇ ಬೇಕಾದ ಆಟ ಯಾವ?

'ಆಟವೇ ಈ ಕಾಲದ ಅನಿವಾರ್ಯತೆ' ಎಂಬ ಮಾತಿನಲ್ಲಿ ಸತ್ಯವಿದೆ. ಆದರೆ ಯಾವ ಆಟ ಎಂಬುದು ಮುಖ್ಯ. ದೇಹ ಮತ್ತು ಮನಸ್ಸಿಗೆ ಹಿತವಾಗುವ ಆಟಗಳೇ ಶ್ರೇಷ್ಠ.

ಹೊರಾಂಗಣ ಆಟಗಳು ದೈಹಿಕ ಆರೋಗ್ಯವನ್ನು ಕಾಪಾಡುತ್ತವೆ. ಸ್ನೇಹಿತರೊಂದಿಗೆ ಆಡುವಾಗ ಸಹಕಾರ, ನಾಯಕತ್ವದಂತಹ ಗುಣಗಳು ಬೆಳೆಯುತ್ತವೆ.

ಮೊಬೈಲ್ ಆಟಗಳಲ್ಲಿ ಇದು ಸಾಧ್ಯವಿಲ್ಲ. ಏಕಾಂಗಿತನ, ಕಿರಿಕಿರಿ ಮತ್ತು ನಿದ್ರಾಹೀನತೆಯೇ ಅದರ ಫಲ.

ಶಾಲೆಗಳಲ್ಲಿ ಕ್ರೀಡಾ ಅವಧಿಯನ್ನು ಹೆಚ್ಚಿಸಬೇಕು. ಮಕ್ಕಳನ್ನು ಮೈದಾನಕ್ಕೆ ಕರೆದೊಯ್ಯುವ ಕೆಲಸ ಆಗಬೇಕು.

ಸರ್ಕಾರ ಈ ಬಗ್ಗೆ ಕಠಿಣ ಕಾನೂನು ತರುವ ಅಗತ್ಯವಿದೆ. ಜೊತೆಗೆ ಪೋಷಕರ ಜಾಗೃತಿಯೂ ಮುಖ್ಯ. ಮಕ್ಕಳಿಗೆ ಹೊರಾಂಗಣ ಆಟಗಳ ಮಹತ್ವ ತಿಳಿಸಬೇಕು.

ಮೊಬೈಲ್ ಪರದೆಯ ಮುಂದೆ ಗಂಟೆಗಳ ಕಾಲ ಕಳೆಯುವ ಮಕ್ಕಳ ಸಂಖ್ಯೆ ಹೆಚ್ಚುತ್ತಿದೆ. ಪೋಷಕರು ಇದರ ಬಗ್ಗೆ ಎಚ್ಚರ ವಹಿಸುವ ಅಗತ್ಯವಿದೆ.

ಏನಾಗಬೇಕು?

ಕಠಿಣ ಕಾನೂನು, ಪೋಷಕರ ಜಾಗೃತಿ ಮತ್ತು ಶಾಲೆಗಳ ಸಹಕಾರ — ಈ ಮೂರೂ ಒಟ್ಟಾಗಿ ಕೆಲಸ ಮಾಡಿದರೆ ಮಾತ್ರ ಆನ್‌ಲೈನ್ ಗೇಮ್‌ಗಳ ದುಷ್ಪರಿಣಾಮದಿಂದ ಮಕ್ಕಳನ್ನು ರಕ್ಷಿಸಲು ಸಾಧ್ಯ.
